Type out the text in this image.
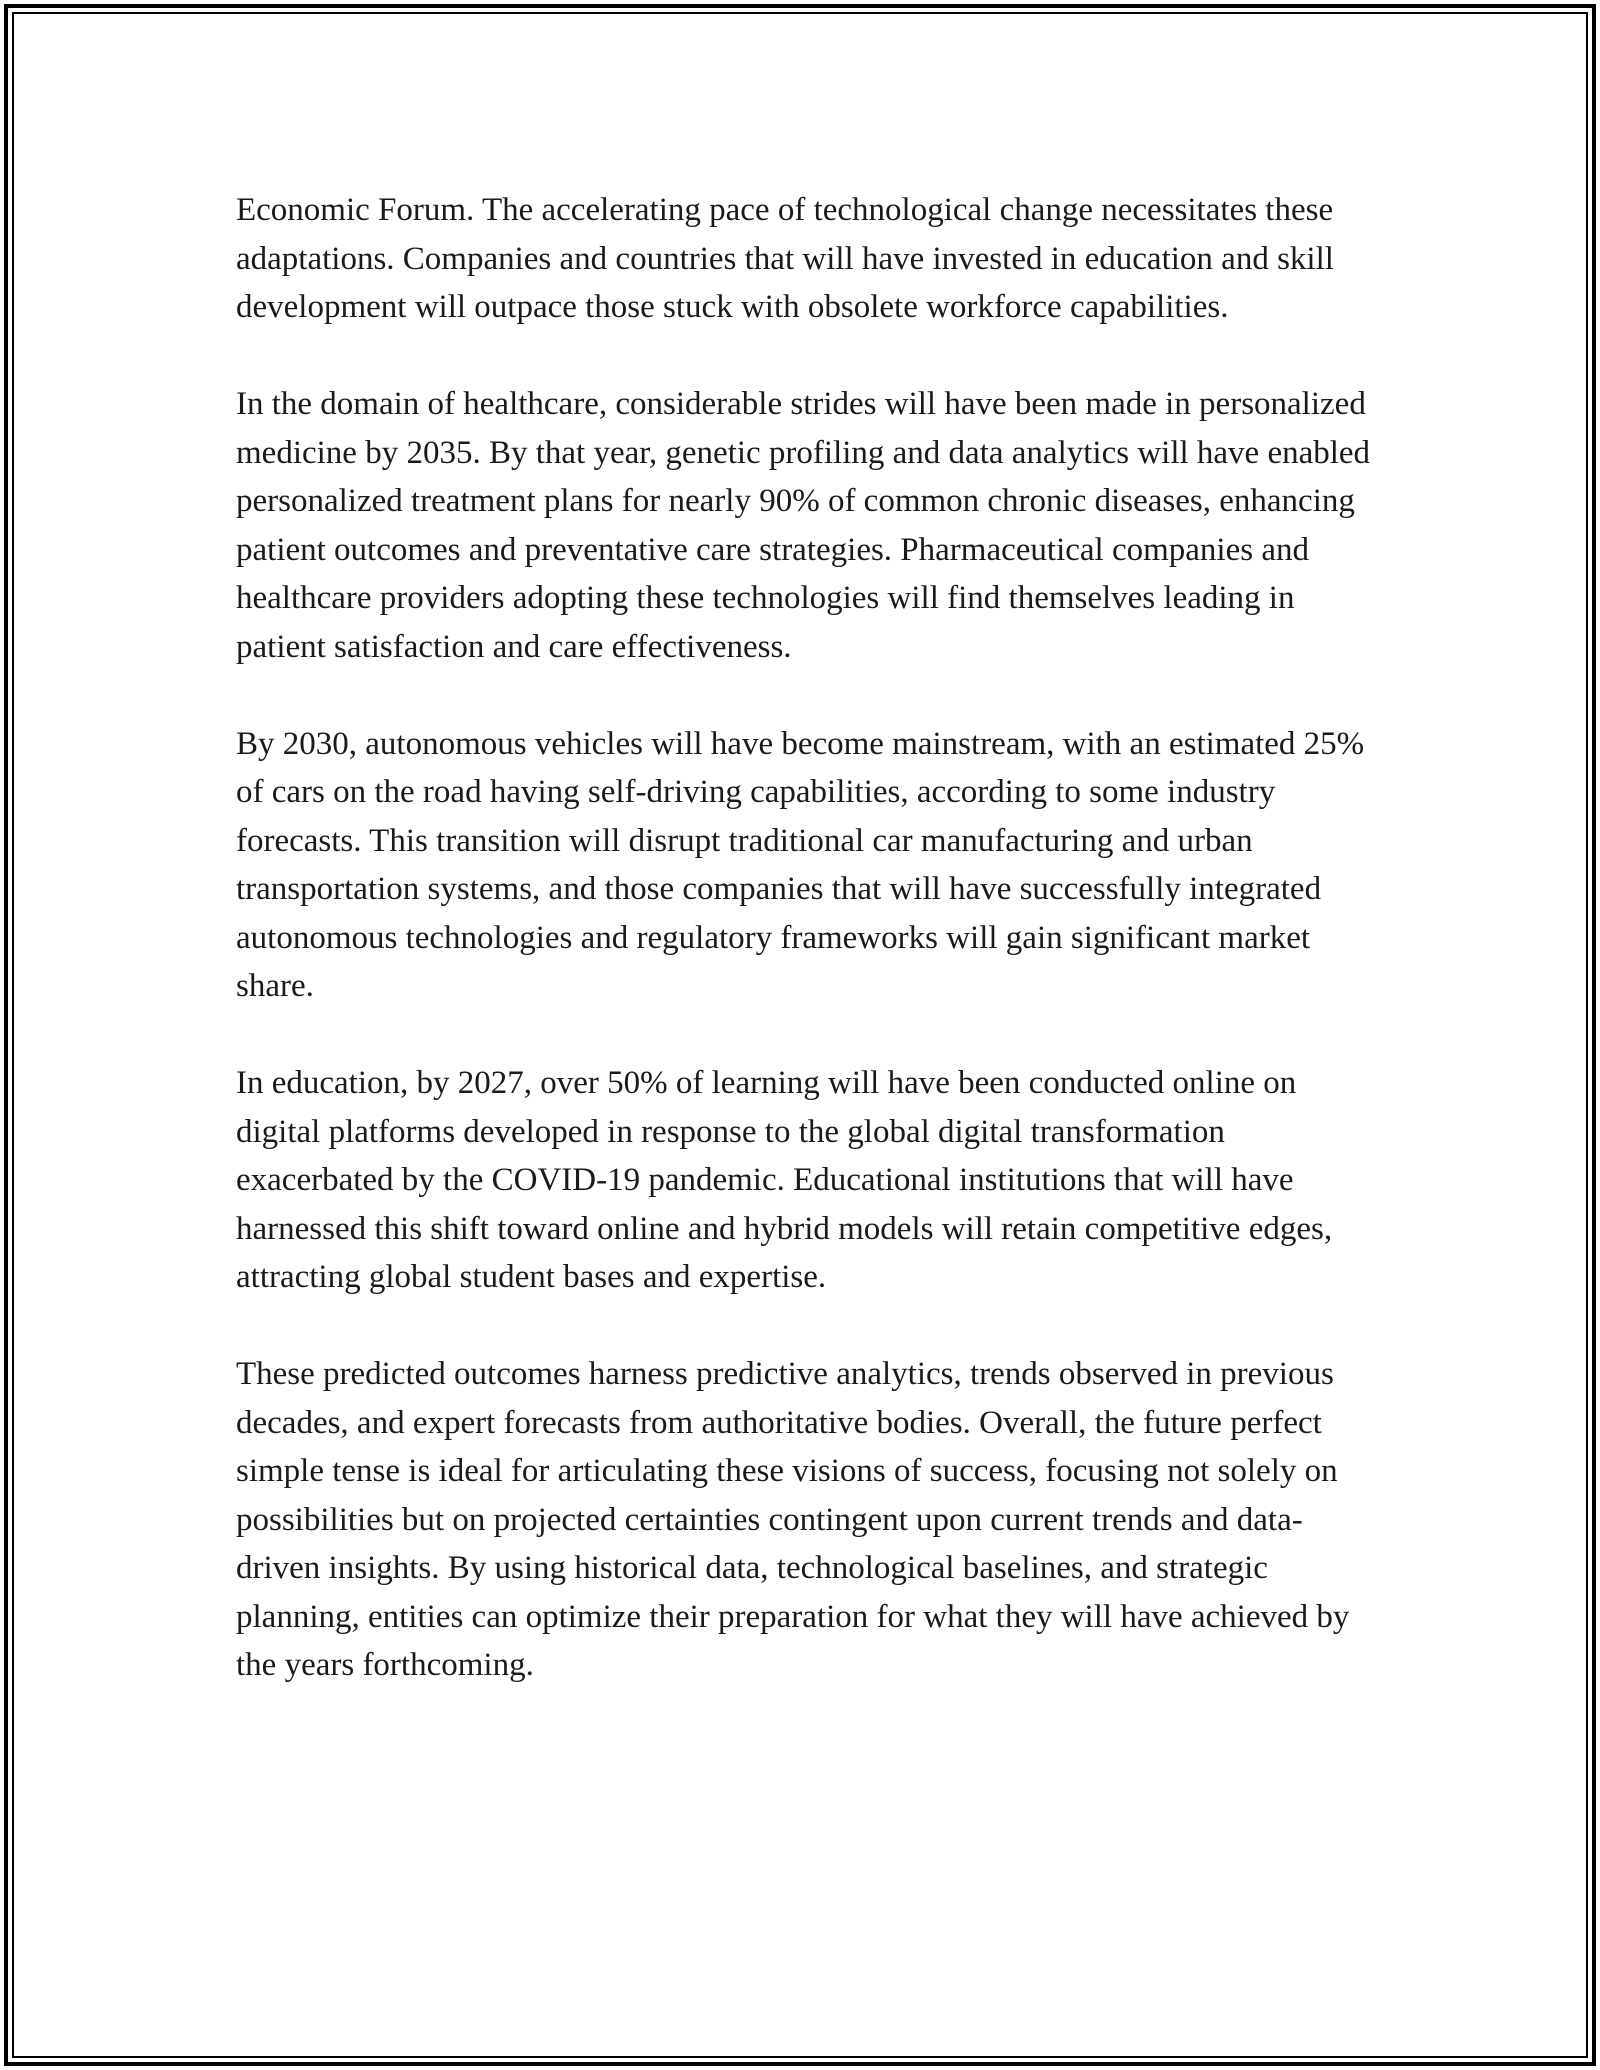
Economic Forum. The accelerating pace of technological change necessitates these adaptations. Companies and countries that will have invested in education and skill development will outpace those stuck with obsolete workforce capabilities.

In the domain of healthcare, considerable strides will have been made in personalized medicine by 2035. By that year, genetic profiling and data analytics will have enabled personalized treatment plans for nearly 90% of common chronic diseases, enhancing patient outcomes and preventative care strategies. Pharmaceutical companies and healthcare providers adopting these technologies will find themselves leading in patient satisfaction and care effectiveness.

By 2030, autonomous vehicles will have become mainstream, with an estimated 25% of cars on the road having self-driving capabilities, according to some industry forecasts. This transition will disrupt traditional car manufacturing and urban transportation systems, and those companies that will have successfully integrated autonomous technologies and regulatory frameworks will gain significant market share.

In education, by 2027, over 50% of learning will have been conducted online on digital platforms developed in response to the global digital transformation exacerbated by the COVID-19 pandemic. Educational institutions that will have harnessed this shift toward online and hybrid models will retain competitive edges, attracting global student bases and expertise.

These predicted outcomes harness predictive analytics, trends observed in previous decades, and expert forecasts from authoritative bodies. Overall, the future perfect simple tense is ideal for articulating these visions of success, focusing not solely on possibilities but on projected certainties contingent upon current trends and data-driven insights. By using historical data, technological baselines, and strategic planning, entities can optimize their preparation for what they will have achieved by the years forthcoming.
